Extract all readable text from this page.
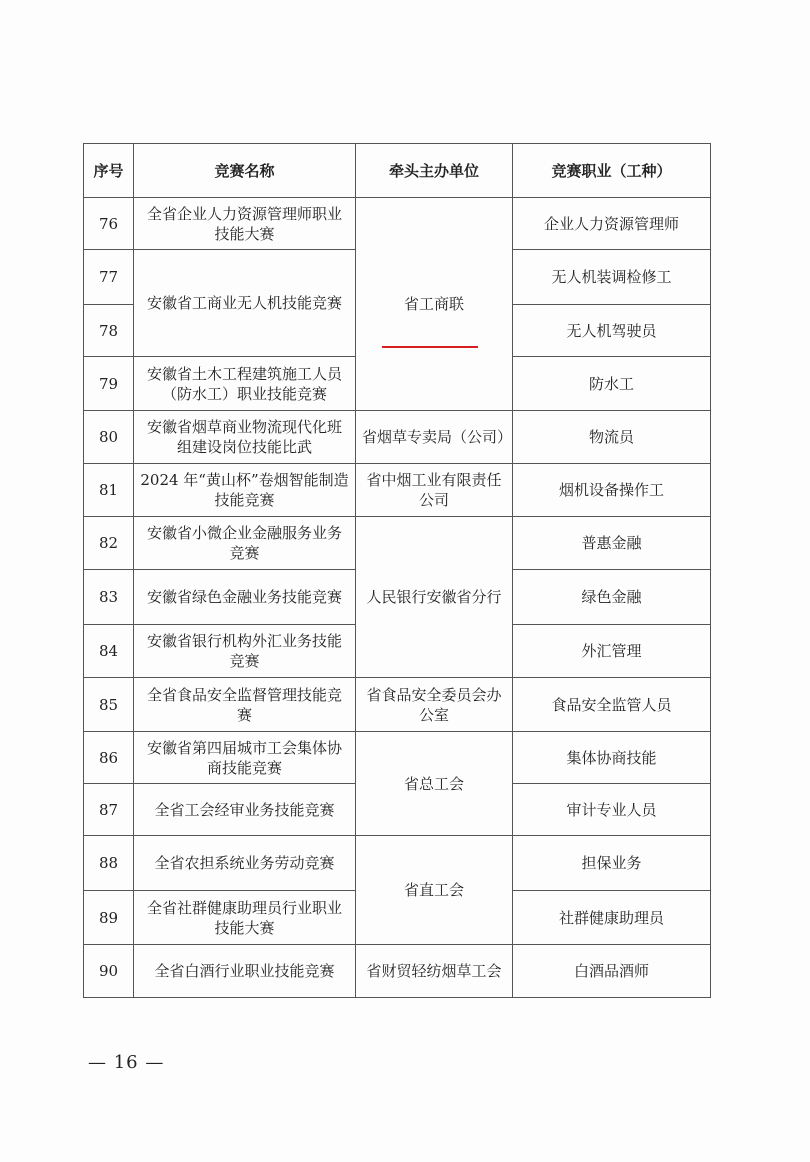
序号	竞赛名称	牵头主办单位	竞赛职业（工种）
76	全省企业人力资源管理师职业技能大赛	省工商联	企业人力资源管理师
77	安徽省工商业无人机技能竞赛		无人机装调检修工
78			无人机驾驶员
79	安徽省土木工程建筑施工人员（防水工）职业技能竞赛		防水工
80	安徽省烟草商业物流现代化班组建设岗位技能比武	省烟草专卖局（公司）	物流员
81	2024 年“黄山杯”卷烟智能制造技能竞赛	省中烟工业有限责任公司	烟机设备操作工
82	安徽省小微企业金融服务业务竞赛	人民银行安徽省分行	普惠金融
83	安徽省绿色金融业务技能竞赛		绿色金融
84	安徽省银行机构外汇业务技能竞赛		外汇管理
85	全省食品安全监督管理技能竞赛	省食品安全委员会办公室	食品安全监管人员
86	安徽省第四届城市工会集体协商技能竞赛	省总工会	集体协商技能
87	全省工会经审业务技能竞赛		审计专业人员
88	全省农担系统业务劳动竞赛	省直工会	担保业务
89	全省社群健康助理员行业职业技能大赛		社群健康助理员
90	全省白酒行业职业技能竞赛	省财贸轻纺烟草工会	白酒品酒师
— 16 —
